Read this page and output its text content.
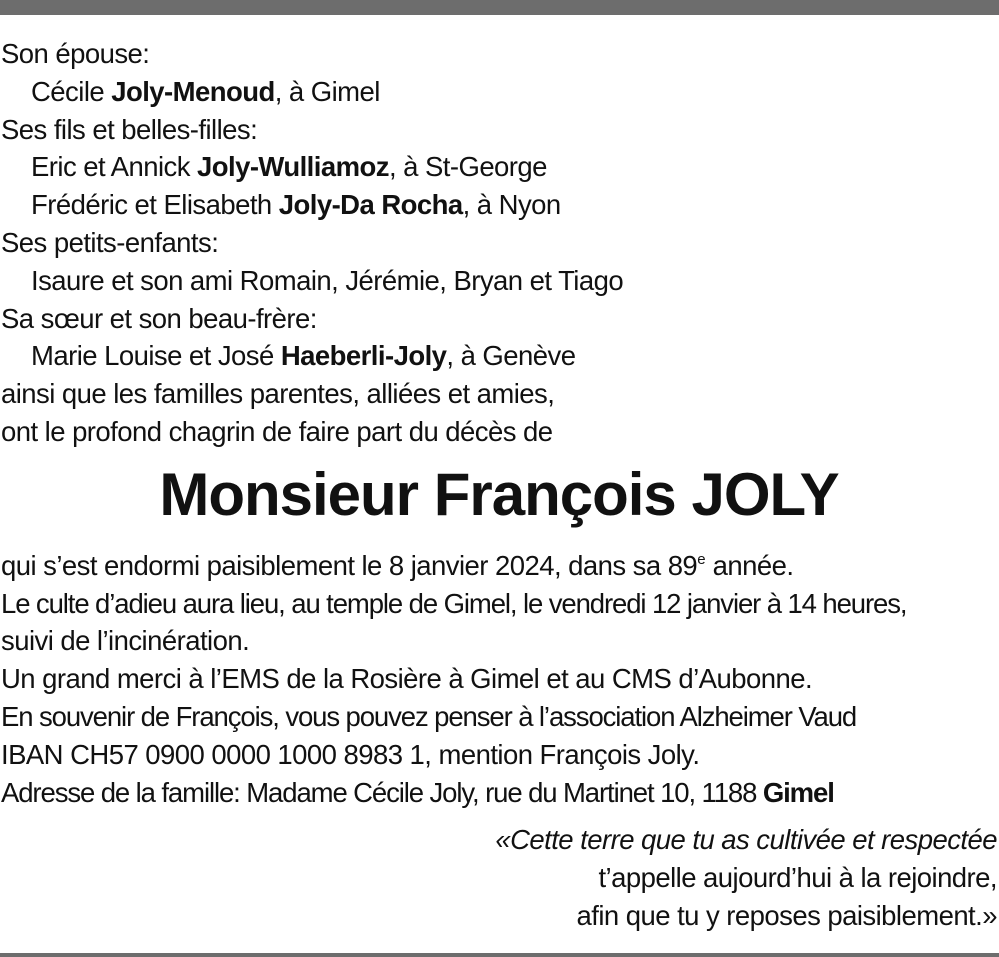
Son épouse:
Cécile Joly-Menoud, à Gimel
Ses fils et belles-filles:
Eric et Annick Joly-Wulliamoz, à St-George
Frédéric et Elisabeth Joly-Da Rocha, à Nyon
Ses petits-enfants:
Isaure et son ami Romain, Jérémie, Bryan et Tiago
Sa sœur et son beau-frère:
Marie Louise et José Haeberli-Joly, à Genève
ainsi que les familles parentes, alliées et amies,
ont le profond chagrin de faire part du décès de
Monsieur François JOLY
qui s’est endormi paisiblement le 8 janvier 2024, dans sa 89e année.
Le culte d’adieu aura lieu, au temple de Gimel, le vendredi 12 janvier à 14 heures,
suivi de l’incinération.
Un grand merci à l’EMS de la Rosière à Gimel et au CMS d’Aubonne.
En souvenir de François, vous pouvez penser à l’association Alzheimer Vaud
IBAN CH57 0900 0000 1000 8983 1, mention François Joly.
Adresse de la famille: Madame Cécile Joly, rue du Martinet 10, 1188 Gimel
«Cette terre que tu as cultivée et respectée
t’appelle aujourd’hui à la rejoindre,
afin que tu y reposes paisiblement.»
